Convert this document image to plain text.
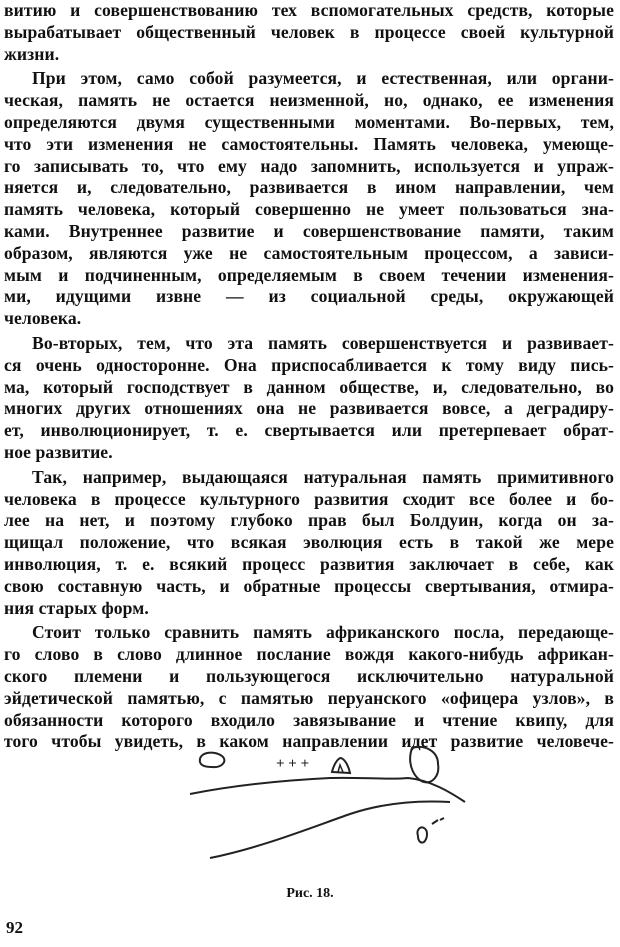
витию и совершенствованию тех вспомогательных средств, которые
вырабатывает общественный человек в процессе своей культурной
жизни.
При этом, само собой разумеется, и естественная, или органи-
ческая, память не остается неизменной, но, однако, ее изменения
определяются двумя существенными моментами. Во-первых, тем,
что эти изменения не самостоятельны. Память человека, умеюще-
го записывать то, что ему надо запомнить, используется и упраж-
няется и, следовательно, развивается в ином направлении, чем
память человека, который совершенно не умеет пользоваться зна-
ками. Внутреннее развитие и совершенствование памяти, таким
образом, являются уже не самостоятельным процессом, а зависи-
мым и подчиненным, определяемым в своем течении изменения-
ми, идущими извне — из социальной среды, окружающей
человека.
Во-вторых, тем, что эта память совершенствуется и развивает-
ся очень односторонне. Она приспосабливается к тому виду пись-
ма, который господствует в данном обществе, и, следовательно, во
многих других отношениях она не развивается вовсе, а деградиру-
ет, инволюционирует, т. е. свертывается или претерпевает обрат-
ное развитие.
Так, например, выдающаяся натуральная память примитивного
человека в процессе культурного развития сходит все более и бо-
лее на нет, и поэтому глубоко прав был Болдуин, когда он за-
щищал положение, что всякая эволюция есть в такой же мере
инволюция, т. е. всякий процесс развития заключает в себе, как
свою составную часть, и обратные процессы свертывания, отмира-
ния старых форм.
Стоит только сравнить память африканского посла, передающе-
го слово в слово длинное послание вождя какого-нибудь африкан-
ского племени и пользующегося исключительно натуральной
эйдетической памятью, с памятью перуанского «офицера узлов», в
обязанности которого входило завязывание и чтение квипу, для
того чтобы увидеть, в каком направлении идет развитие человече-
+ + +
Рис. 18.
92
